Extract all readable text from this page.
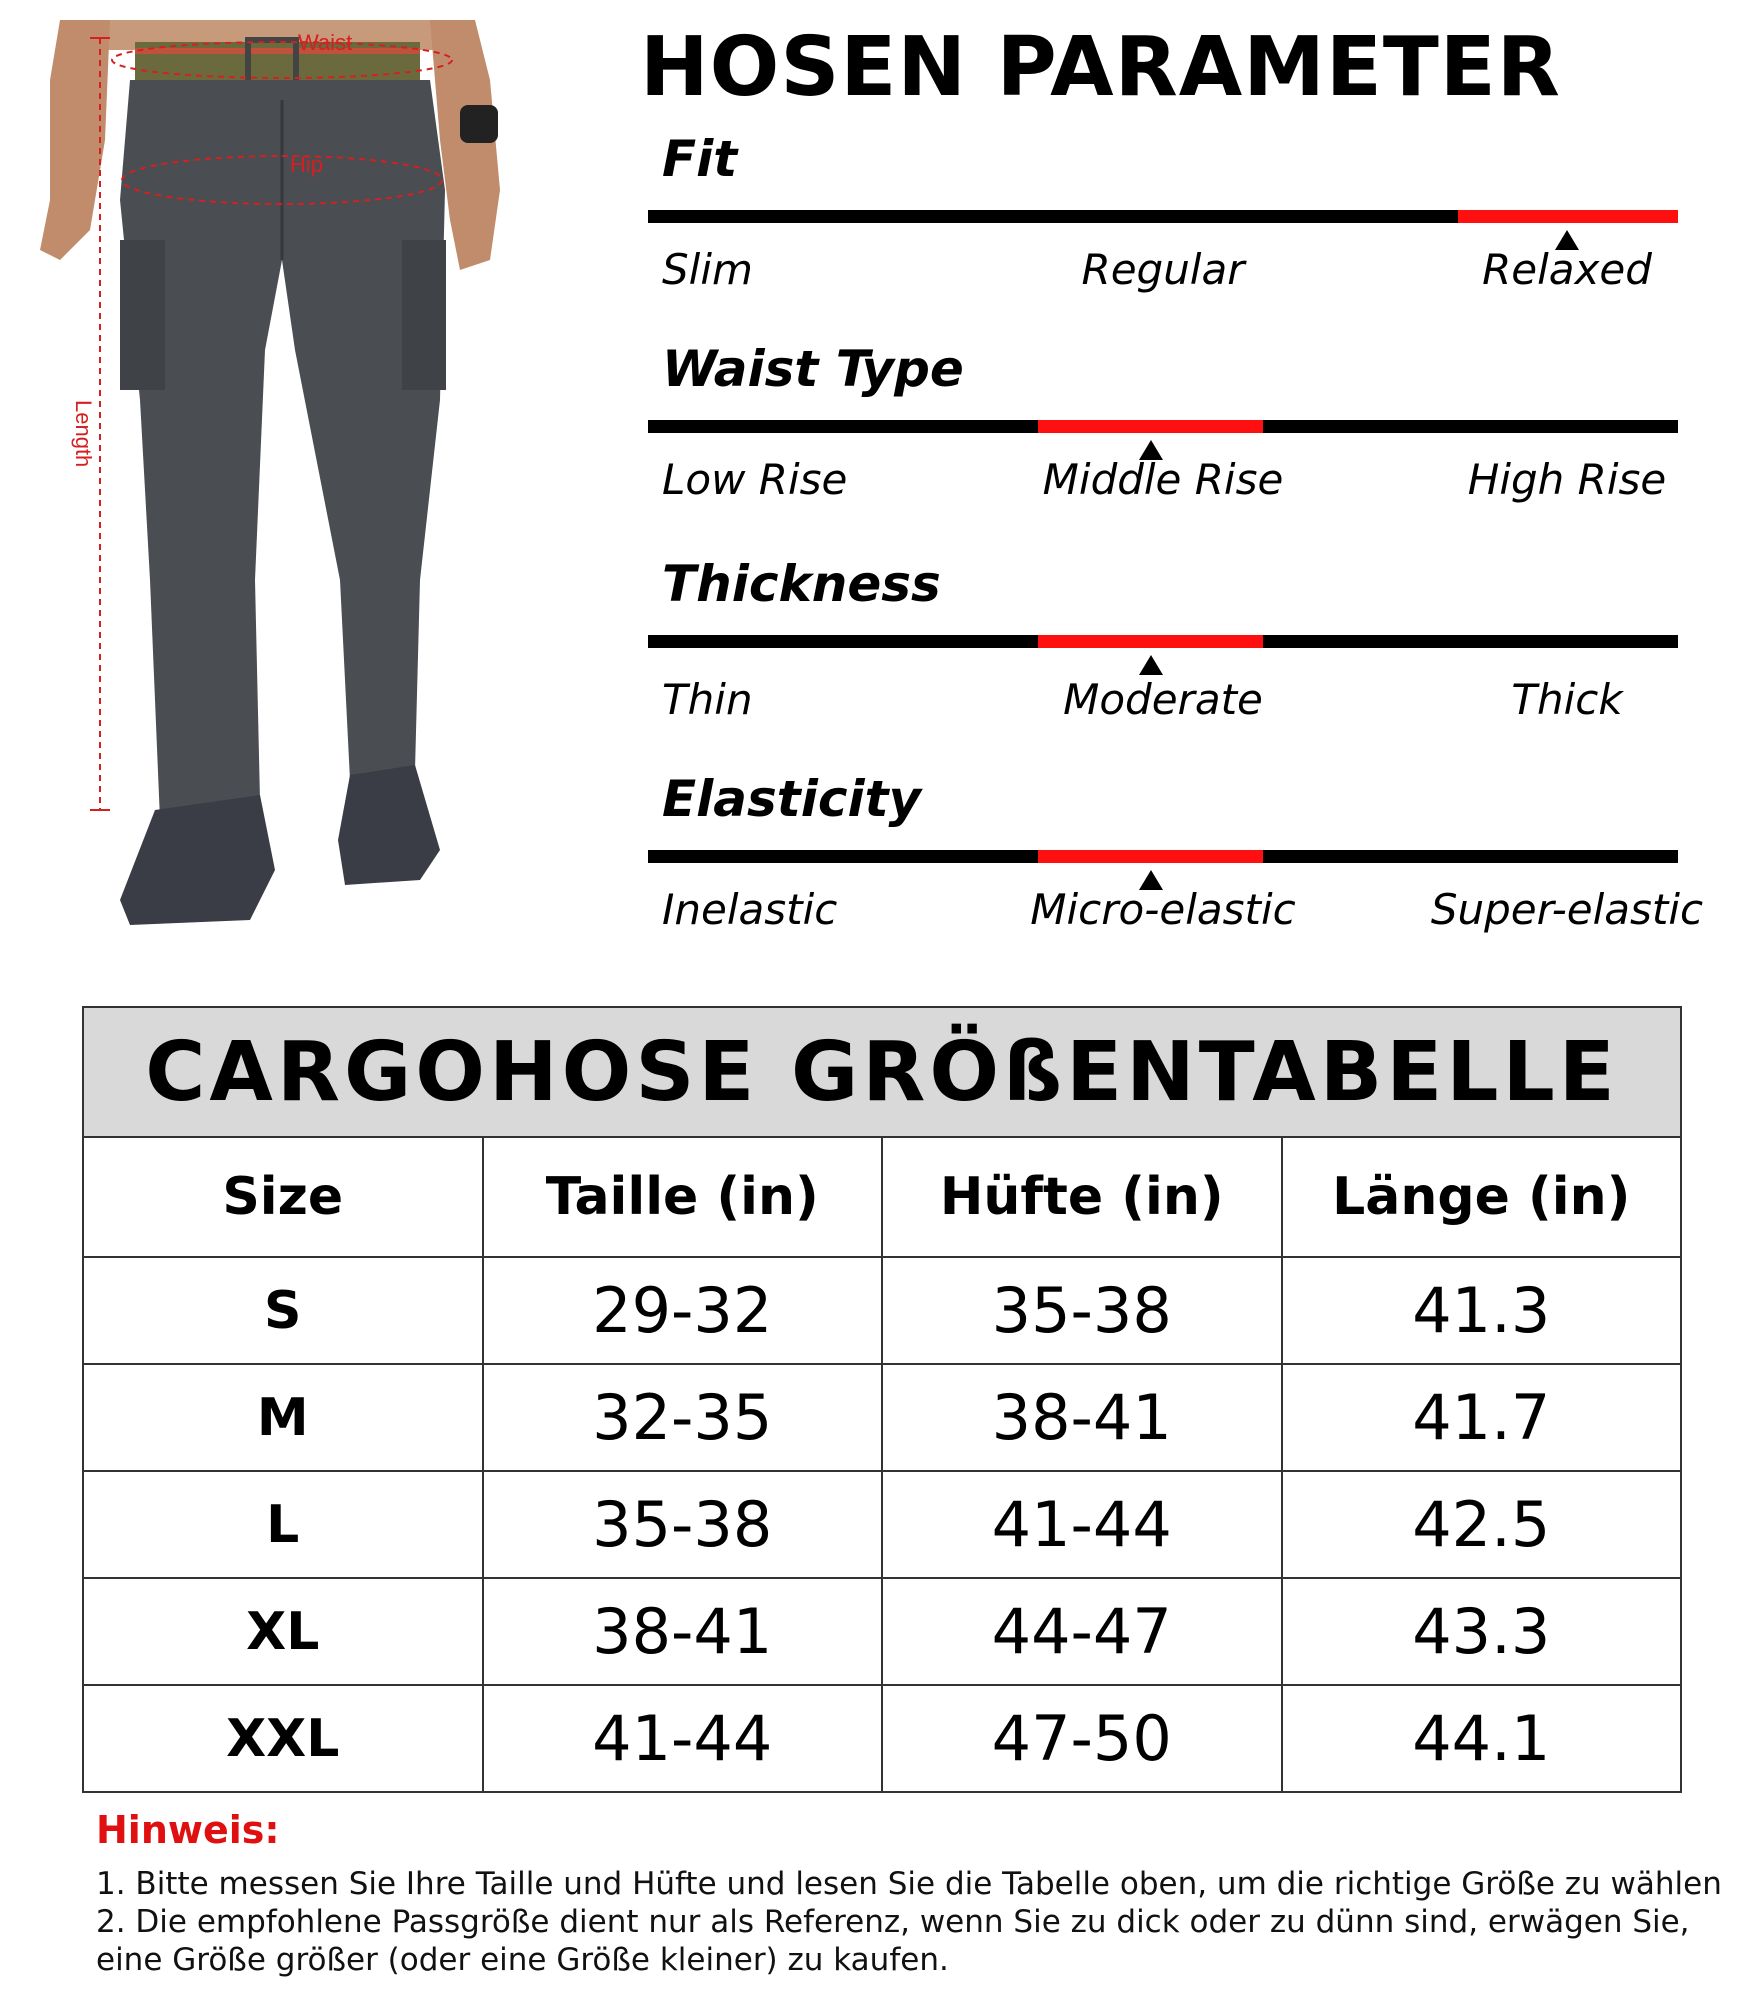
Waist
Hip
Length
HOSEN PARAMETER
Fit
Slim	Regular	Relaxed
Waist Type
Low Rise	Middle Rise	High Rise
Thickness
Thin	Moderate	Thick
Elasticity
Inelastic	Micro-elastic	Super-elastic
CARGOHOSE GRÖßENTABELLE			
Size	Taille (in)	Hüfte (in)	Länge (in)
S	29-32	35-38	41.3
M	32-35	38-41	41.7
L	35-38	41-44	42.5
XL	38-41	44-47	43.3
XXL	41-44	47-50	44.1
Hinweis:
1. Bitte messen Sie Ihre Taille und Hüfte und lesen Sie die Tabelle oben, um die richtige Größe zu wählen
2. Die empfohlene Passgröße dient nur als Referenz, wenn Sie zu dick oder zu dünn sind, erwägen Sie,
eine Größe größer (oder eine Größe kleiner) zu kaufen.
